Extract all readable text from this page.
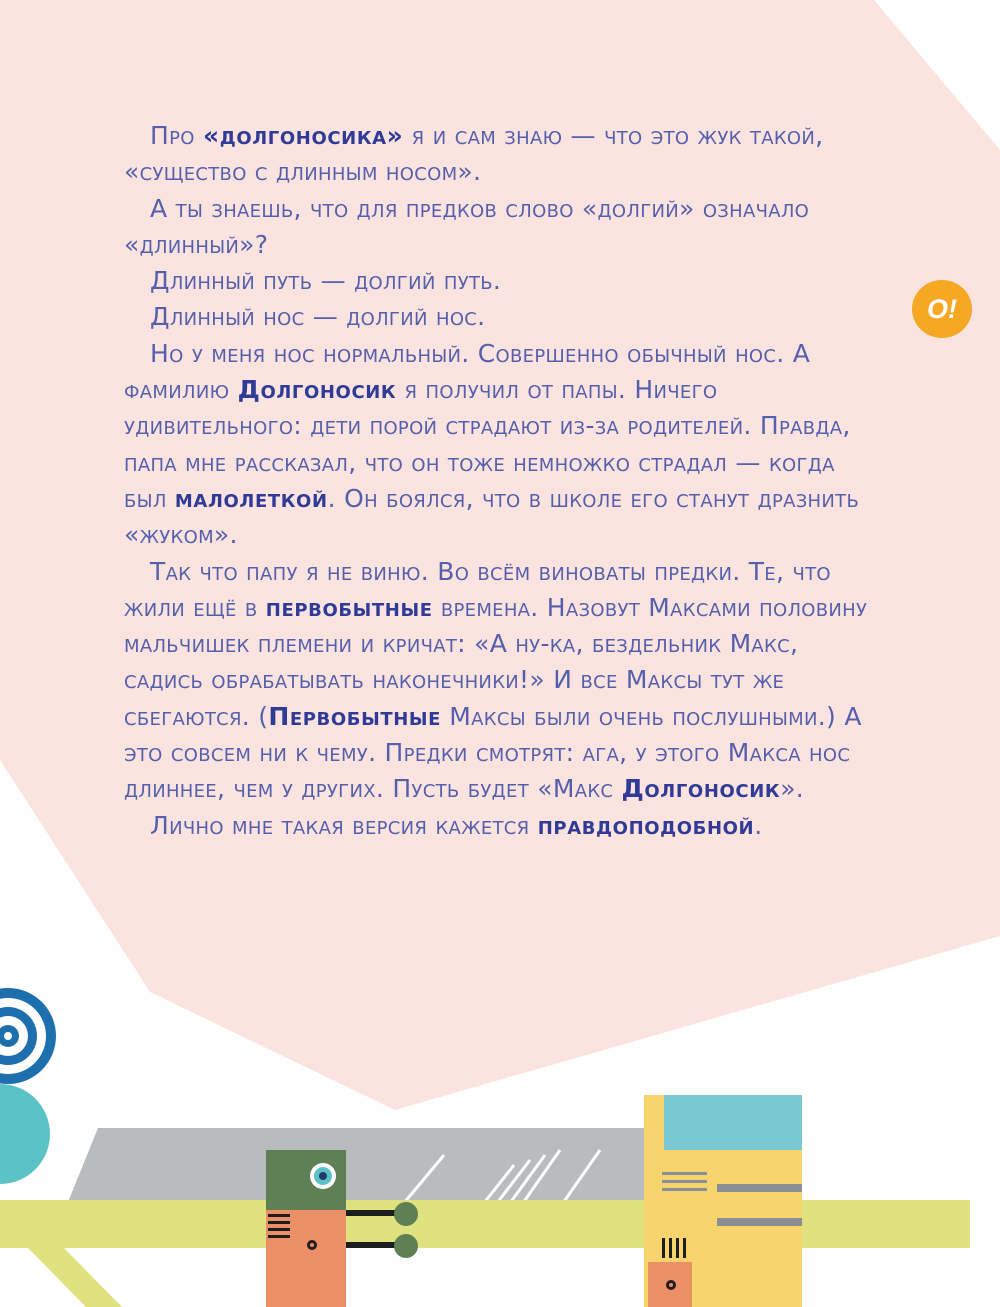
Про «долгоносика» я и сам знаю — что это жук такой, «существо с длинным носом».

А ты знаешь, что для предков слово «долгий» означало «длинный»?

Длинный путь — долгий путь.

Длинный нос — долгий нос.

Но у меня нос нормальный. Совершенно обычный нос. А фамилию Долгоносик я получил от папы. Ничего удивительного: дети порой страдают из-за родителей. Правда, папа мне рассказал, что он тоже немножко страдал — когда был малолеткой. Он боялся, что в школе его станут дразнить «жуком».

Так что папу я не виню. Во всём виноваты предки. Те, что жили ещё в первобытные времена. Назовут Максами половину мальчишек племени и кричат: «А ну-ка, бездельник Макс, садись обрабатывать наконечники!» И все Максы тут же сбегаются. (Первобытные Максы были очень послушными.) А это совсем ни к чему. Предки смотрят: ага, у этого Макса нос длиннее, чем у других. Пусть будет «Макс Долгоносик».

Лично мне такая версия кажется правдоподобной.

O!
